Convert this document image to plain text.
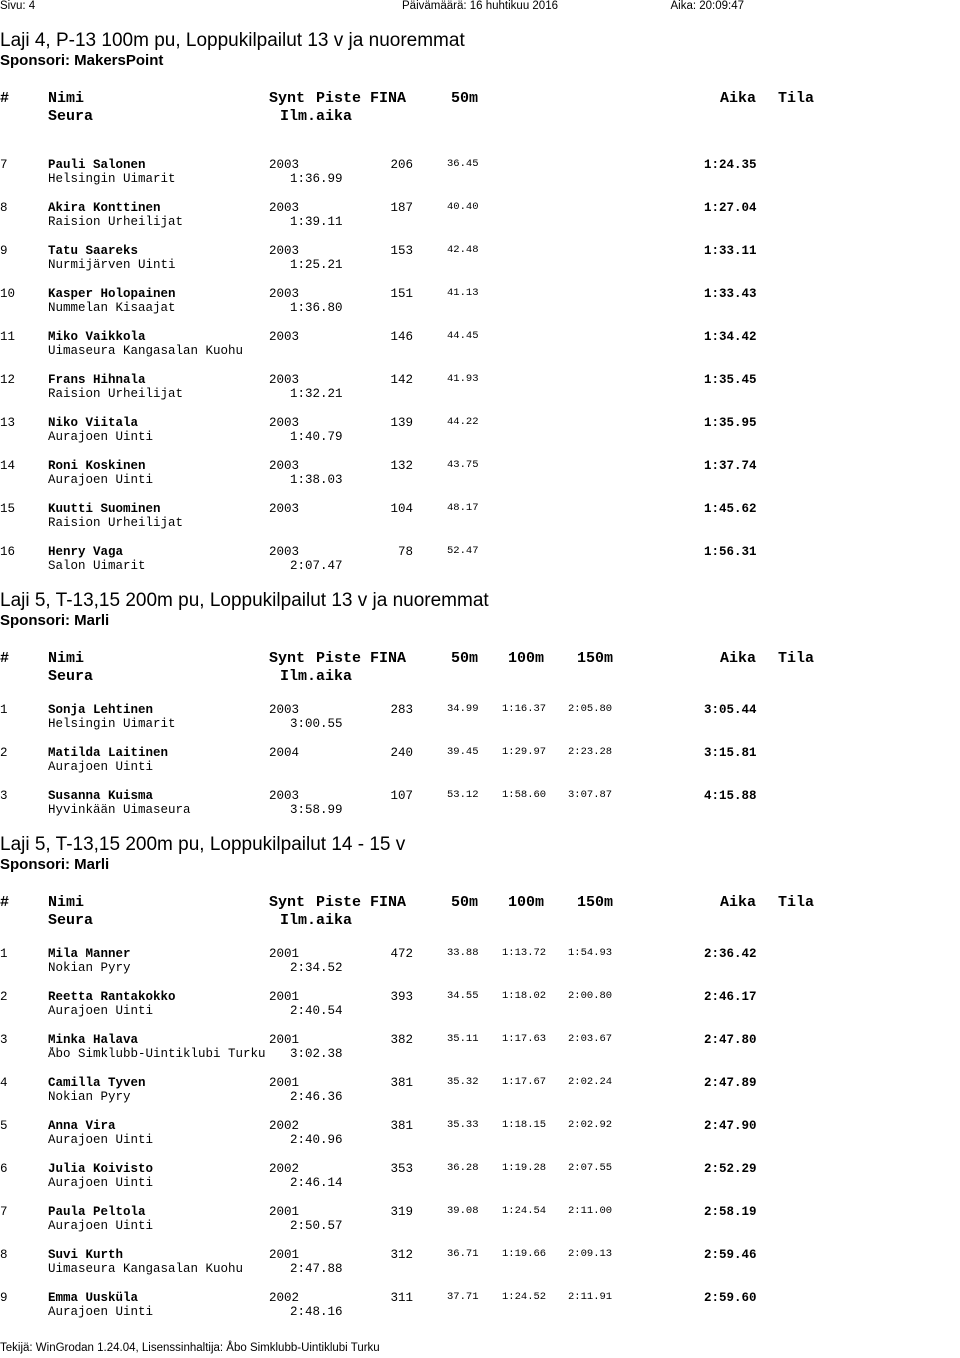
Sivu: 4	Päivämäärä: 16 huhtikuu 2016	Aika: 20:09:47
Laji 4, P-13 100m pu, Loppukilpailut 13 v ja nuoremmat
Sponsori: MakersPoint
#	Nimi	Synt Piste FINA	50m	Aika Tila
Seura	Ilm.aika
7	Pauli Salonen	2003	206	36.45	1:24.35
Helsingin Uimarit	1:36.99
8	Akira Konttinen	2003	187	40.40	1:27.04
Raision Urheilijat	1:39.11
9	Tatu Saareks	2003	153	42.48	1:33.11
Nurmijärven Uinti	1:25.21
10	Kasper Holopainen	2003	151	41.13	1:33.43
Nummelan Kisaajat	1:36.80
11	Miko Vaikkola	2003	146	44.45	1:34.42
Uimaseura Kangasalan Kuohu
12	Frans Hihnala	2003	142	41.93	1:35.45
Raision Urheilijat	1:32.21
13	Niko Viitala	2003	139	44.22	1:35.95
Aurajoen Uinti	1:40.79
14	Roni Koskinen	2003	132	43.75	1:37.74
Aurajoen Uinti	1:38.03
15	Kuutti Suominen	2003	104	48.17	1:45.62
Raision Urheilijat
16	Henry Vaga	2003	78	52.47	1:56.31
Salon Uimarit	2:07.47
Laji 5, T-13,15 200m pu, Loppukilpailut 13 v ja nuoremmat
Sponsori: Marli
#	Nimi	Synt Piste FINA	50m	Aika Tila
Seura	Ilm.aika
100m 150m
1	Sonja Lehtinen	2003	283	34.99	3:05.44
Helsingin Uimarit	3:00.55
1:16.37 2:05.80
2	Matilda Laitinen	2004	240	39.45	3:15.81
Aurajoen Uinti
1:29.97 2:23.28
3	Susanna Kuisma	2003	107	53.12	4:15.88
Hyvinkään Uimaseura	3:58.99
1:58.60 3:07.87
Laji 5, T-13,15 200m pu, Loppukilpailut 14 - 15 v
Sponsori: Marli
#	Nimi	Synt Piste FINA	50m	Aika Tila
Seura	Ilm.aika
100m 150m
1	Mila Manner	2001	472	33.88	2:36.42
Nokian Pyry	2:34.52
1:13.72 1:54.93
2	Reetta Rantakokko	2001	393	34.55	2:46.17
Aurajoen Uinti	2:40.54
1:18.02 2:00.80
3	Minka Halava	2001	382	35.11	2:47.80
Åbo Simklubb-Uintiklubi Turku	3:02.38
1:17.63 2:03.67
4	Camilla Tyven	2001	381	35.32	2:47.89
Nokian Pyry	2:46.36
1:17.67 2:02.24
5	Anna Vira	2002	381	35.33	2:47.90
Aurajoen Uinti	2:40.96
1:18.15 2:02.92
6	Julia Koivisto	2002	353	36.28	2:52.29
Aurajoen Uinti	2:46.14
1:19.28 2:07.55
7	Paula Peltola	2001	319	39.08	2:58.19
Aurajoen Uinti	2:50.57
1:24.54 2:11.00
8	Suvi Kurth	2001	312	36.71	2:59.46
Uimaseura Kangasalan Kuohu	2:47.88
1:19.66 2:09.13
9	Emma Uusküla	2002	311	37.71	2:59.60
Aurajoen Uinti	2:48.16
1:24.52 2:11.91
Tekijä: WinGrodan 1.24.04, Lisenssinhaltija: Åbo Simklubb-Uintiklubi Turku
